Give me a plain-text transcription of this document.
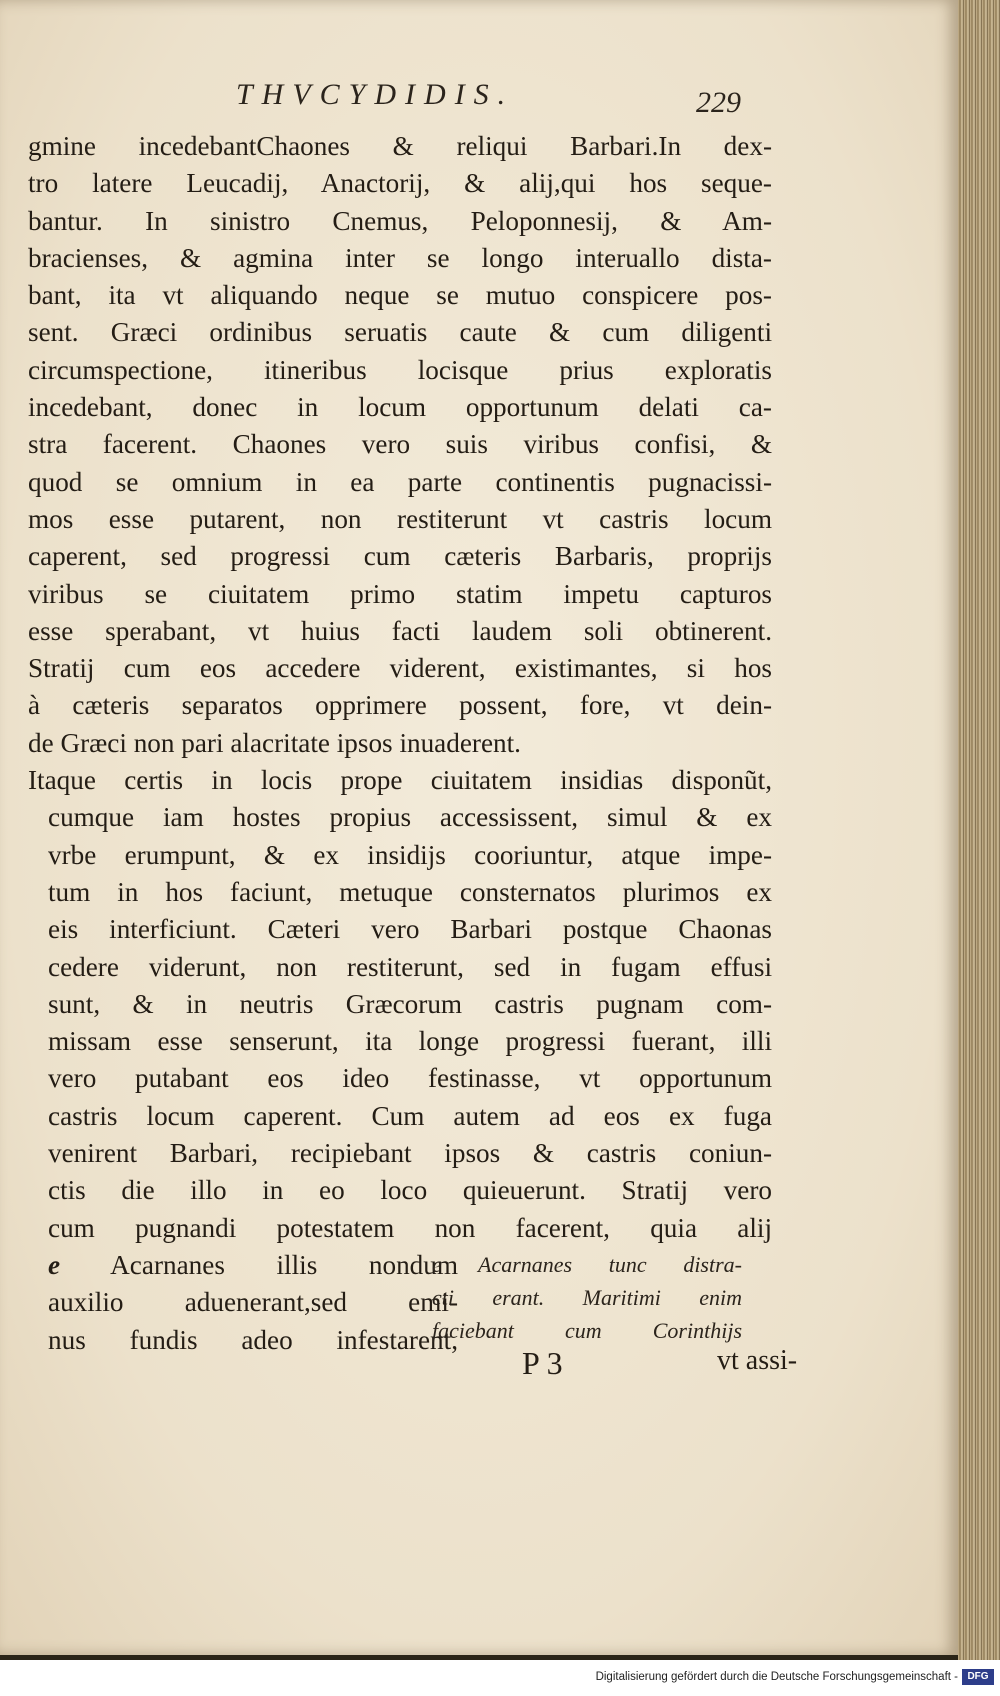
THVCYDIDIS.	229
gmine incedebantChaones & reliqui Barbari.In dex-
tro latere Leucadij, Anactorij, & alij,qui hos seque-
bantur. In sinistro Cnemus, Peloponnesij, & Am-
bracienses, & agmina inter se longo interuallo dista-
bant, ita vt aliquando neque se mutuo conspicere pos-
sent. Græci ordinibus seruatis caute & cum diligenti
circumspectione, itineribus locisque prius exploratis
incedebant, donec in locum opportunum delati ca-
stra facerent. Chaones vero suis viribus confisi, &
quod se omnium in ea parte continentis pugnacissi-
mos esse putarent, non restiterunt vt castris locum
caperent, sed progressi cum cæteris Barbaris, proprijs
viribus se ciuitatem primo statim impetu capturos
esse sperabant, vt huius facti laudem soli obtinerent.
Stratij cum eos accedere viderent, existimantes, si hos
à cæteris separatos opprimere possent, fore, vt dein-
de Græci non pari alacritate ipsos inuaderent.
Itaque certis in locis prope ciuitatem insidias disponũt,
cumque iam hostes propius accessissent, simul & ex
vrbe erumpunt, & ex insidijs cooriuntur, atque impe-
tum in hos faciunt, metuque consternatos plurimos ex
eis interficiunt. Cæteri vero Barbari postque Chaonas
cedere viderunt, non restiterunt, sed in fugam effusi
sunt, & in neutris Græcorum castris pugnam com-
missam esse senserunt, ita longe progressi fuerant, illi
vero putabant eos ideo festinasse, vt opportunum
castris locum caperent. Cum autem ad eos ex fuga
venirent Barbari, recipiebant ipsos & castris coniun-
ctis die illo in eo loco quieuerunt. Stratij vero
cum pugnandi potestatem non facerent, quia alij
e Acarnanes illis nondum
auxilio aduenerant,sed emi-
nus fundis adeo infestarent,
e Acarnanes tunc distra-
cti erant. Maritimi enim
faciebant cum Corinthijs
P 3	vt assi-
Digitalisierung gefördert durch die Deutsche Forschungsgemeinschaft - DFG
